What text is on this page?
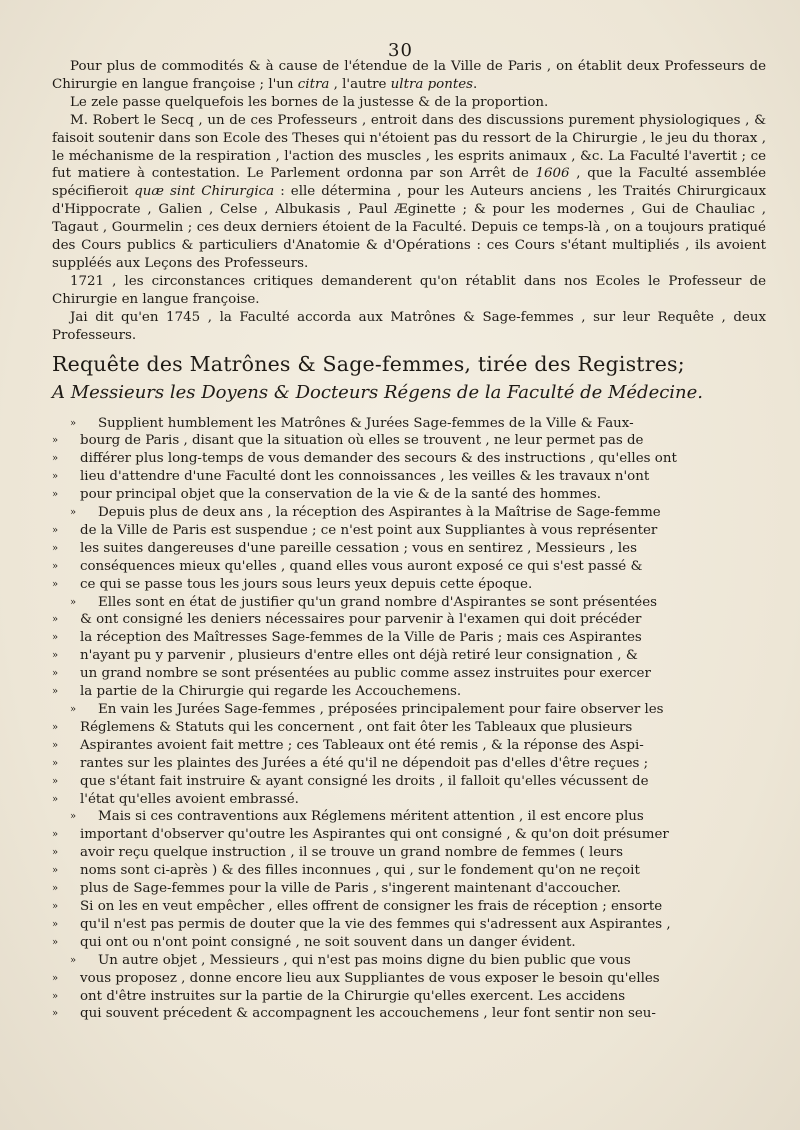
30

Pour plus de commodités & à cause de l'étendue de la Ville de Paris , on établit deux Professeurs de Chirurgie en langue françoise ; l'un citra , l'autre ultra pontes.

Le zele passe quelquefois les bornes de la justesse & de la proportion.

M. Robert le Secq , un de ces Professeurs , entroit dans des discussions purement physiologiques , & faisoit soutenir dans son Ecole des Theses qui n'étoient pas du ressort de la Chirurgie , le jeu du thorax , le méchanisme de la respiration , l'action des muscles , les esprits animaux , &c. La Faculté l'avertit ; ce fut matiere à contestation. Le Parlement ordonna par son Arrêt de 1606 , que la Faculté assemblée spécifieroit quæ sint Chirurgica : elle détermina , pour les Auteurs anciens , les Traités Chirurgicaux d'Hippocrate , Galien , Celse , Albukasis , Paul Æginette ; & pour les modernes , Gui de Chauliac , Tagaut , Gourmelin ; ces deux derniers étoient de la Faculté. Depuis ce temps-là , on a toujours pratiqué des Cours publics & particuliers d'Anatomie & d'Opérations : ces Cours s'étant multipliés , ils avoient suppléés aux Leçons des Professeurs.

1721 , les circonstances critiques demanderent qu'on rétablit dans nos Ecoles le Professeur de Chirurgie en langue françoise.

Jai dit qu'en 1745 , la Faculté accorda aux Matrônes & Sage-femmes , sur leur Requête , deux Professeurs.

Requête des Matrônes & Sage-femmes, tirée des Registres;
A Messieurs les Doyens & Docteurs Régens de la Faculté de Médecine.
»	Supplient humblement les Matrônes & Jurées Sage-femmes de la Ville & Faux-
»	bourg de Paris , disant que la situation où elles se trouvent , ne leur permet pas de
»	différer plus long-temps de vous demander des secours & des instructions , qu'elles ont
»	lieu d'attendre d'une Faculté dont les connoissances , les veilles & les travaux n'ont
»	pour principal objet que la conservation de la vie & de la santé des hommes.
»	Depuis plus de deux ans , la réception des Aspirantes à la Maîtrise de Sage-femme
»	de la Ville de Paris est suspendue ; ce n'est point aux Suppliantes à vous représenter
»	les suites dangereuses d'une pareille cessation ; vous en sentirez , Messieurs , les
»	conséquences mieux qu'elles , quand elles vous auront exposé ce qui s'est passé &
»	ce qui se passe tous les jours sous leurs yeux depuis cette époque.
»	Elles sont en état de justifier qu'un grand nombre d'Aspirantes se sont présentées
»	& ont consigné les deniers nécessaires pour parvenir à l'examen qui doit précéder
»	la réception des Maîtresses Sage-femmes de la Ville de Paris ; mais ces Aspirantes
»	n'ayant pu y parvenir , plusieurs d'entre elles ont déjà retiré leur consignation , &
»	un grand nombre se sont présentées au public comme assez instruites pour exercer
»	la partie de la Chirurgie qui regarde les Accouchemens.
»	En vain les Jurées Sage-femmes , préposées principalement pour faire observer les
»	Réglemens & Statuts qui les concernent , ont fait ôter les Tableaux que plusieurs
»	Aspirantes avoient fait mettre ; ces Tableaux ont été remis , & la réponse des Aspi-
»	rantes sur les plaintes des Jurées a été qu'il ne dépendoit pas d'elles d'être reçues ;
»	que s'étant fait instruire & ayant consigné les droits , il falloit qu'elles vécussent de
»	l'état qu'elles avoient embrassé.
»	Mais si ces contraventions aux Réglemens méritent attention , il est encore plus
»	important d'observer qu'outre les Aspirantes qui ont consigné , & qu'on doit présumer
»	avoir reçu quelque instruction , il se trouve un grand nombre de femmes ( leurs
»	noms sont ci-après ) & des filles inconnues , qui , sur le fondement qu'on ne reçoit
»	plus de Sage-femmes pour la ville de Paris , s'ingerent maintenant d'accoucher.
»	Si on les en veut empêcher , elles offrent de consigner les frais de réception ; ensorte
»	qu'il n'est pas permis de douter que la vie des femmes qui s'adressent aux Aspirantes ,
»	qui ont ou n'ont point consigné , ne soit souvent dans un danger évident.
»	Un autre objet , Messieurs , qui n'est pas moins digne du bien public que vous
»	vous proposez , donne encore lieu aux Suppliantes de vous exposer le besoin qu'elles
»	ont d'être instruites sur la partie de la Chirurgie qu'elles exercent. Les accidens
»	qui souvent précedent & accompagnent les accouchemens , leur font sentir non seu-
